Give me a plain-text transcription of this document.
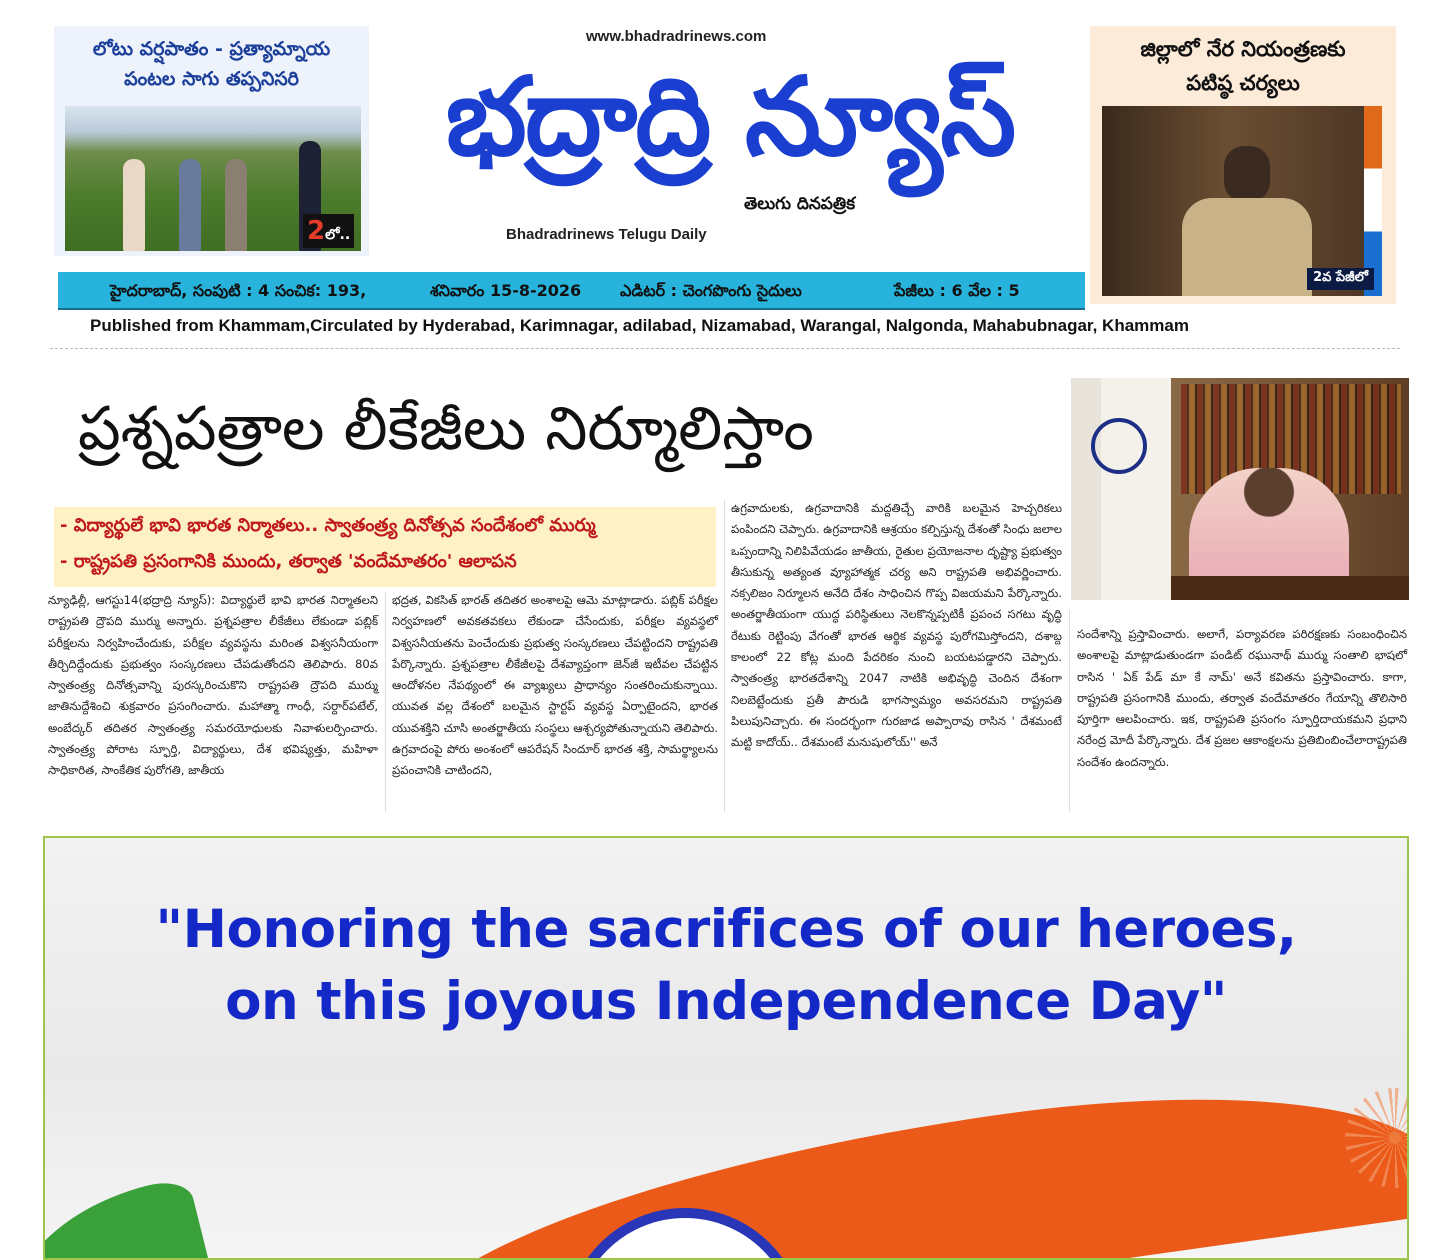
లోటు వర్షపాతం - ప్రత్యామ్నాయ
పంటల సాగు తప్పనిసరి
2లో..
www.bhadradrinews.com
భద్రాద్రి న్యూస్
తెలుగు దినపత్రిక
Bhadradrinews Telugu Daily
జిల్లాలో నేర నియంత్రణకు
పటిష్ఠ చర్యలు
2వ పేజీలో
హైదరాబాద్, సంపుటి : 4 సంచిక: 193,	శనివారం 15-8-2026 ఎడిటర్ : చెంగపొంగు సైదులు	పేజీలు : 6 వేల : 5
Published from Khammam,Circulated by Hyderabad, Karimnagar, adilabad, Nizamabad, Warangal, Nalgonda, Mahabubnagar, Khammam
ప్రశ్నపత్రాల లీకేజీలు నిర్మూలిస్తాం
- విద్యార్థులే భావి భారత నిర్మాతలు.. స్వాతంత్ర్య దినోత్సవ సందేశంలో ముర్ము
- రాష్ట్రపతి ప్రసంగానికి ముందు, తర్వాత 'వందేమాతరం' ఆలాపన

న్యూఢిల్లీ, ఆగస్టు14(భద్రాద్రి న్యూస్): విద్యార్థులే భావి భారత నిర్మాతలని రాష్ట్రపతి ద్రౌపది ముర్ము అన్నారు. ప్రశ్నపత్రాల లీకేజీలు లేకుండా పబ్లిక్ పరీక్షలను నిర్వహించేందుకు, పరీక్షల వ్యవస్థను మరింత విశ్వసనీయంగా తీర్చిదిద్దేందుకు ప్రభుత్వం సంస్కరణలు చేపడుతోందని తెలిపారు. 80వ స్వాతంత్ర్య దినోత్సవాన్ని పురస్కరించుకొని రాష్ట్రపతి ద్రౌపది ముర్ము జాతినుద్దేశించి శుక్రవారం ప్రసంగించారు. మహాత్మా గాంధీ, సర్దార్‌పటేల్, అంబేద్కర్ తదితర స్వాతంత్ర్య సమరయోధులకు నివాళులర్పించారు. స్వాతంత్ర్య పోరాట స్ఫూర్తి, విద్యార్థులు, దేశ భవిష్యత్తు, మహిళా సాధికారిత, సాంకేతిక పురోగతి, జాతీయ

భద్రత, వికసిత్ భారత్ తదితర అంశాలపై ఆమె మాట్లాడారు. పబ్లిక్ పరీక్షల నిర్వహణలో అవకతవకలు లేకుండా చేసేందుకు, పరీక్షల వ్యవస్థలో విశ్వసనీయతను పెంచేందుకు ప్రభుత్వ సంస్కరణలు చేపట్టిందని రాష్ట్రపతి పేర్కొన్నారు. ప్రశ్నపత్రాల లీకేజీలపై దేశవ్యాప్తంగా జెన్‌జీ ఇటీవల చేపట్టిన ఆందోళనల నేపథ్యంలో ఈ వ్యాఖ్యలు ప్రాధాన్యం సంతరించుకున్నాయి. యువత వల్ల దేశంలో బలమైన స్టార్టప్ వ్యవస్థ ఏర్పాటైందని, భారత యువశక్తిని చూసి అంతర్జాతీయ సంస్థలు ఆశ్చర్యపోతున్నాయని తెలిపారు. ఉగ్రవాదంపై పోరు అంశంలో ఆపరేషన్ సిందూర్ భారత శక్తి, సామర్థ్యాలను ప్రపంచానికి చాటిందని,

ఉగ్రవాదులకు, ఉగ్రవాదానికి మద్దతిచ్చే వారికి బలమైన హెచ్చరికలు పంపిందని చెప్పారు. ఉగ్రవాదానికి ఆశ్రయం కల్పిస్తున్న దేశంతో సింధు జలాల ఒప్పందాన్ని నిలిపివేయడం జాతీయ, రైతుల ప్రయోజనాల దృష్ట్యా ప్రభుత్వం తీసుకున్న అత్యంత వ్యూహాత్మక చర్య అని రాష్ట్రపతి అభివర్ణించారు. నక్సలిజం నిర్మూలన అనేది దేశం సాధించిన గొప్ప విజయమని పేర్కొన్నారు. అంతర్జాతీయంగా యుద్ధ పరిస్థితులు నెలకొన్నప్పటికీ ప్రపంచ సగటు వృద్ధి రేటుకు రెట్టింపు వేగంతో భారత ఆర్థిక వ్యవస్థ పురోగమిస్తోందని, దశాబ్ద కాలంలో 22 కోట్ల మంది పేదరికం నుంచి బయటపడ్డారని చెప్పారు. స్వాతంత్ర్య భారతదేశాన్ని 2047 నాటికి అభివృద్ధి చెందిన దేశంగా నిలబెట్టేందుకు ప్రతీ పౌరుడి భాగస్వామ్యం అవసరమని రాష్ట్రపతి పిలుపునిచ్చారు. ఈ సందర్భంగా గురజాడ అప్పారావు రాసిన ' దేశమంటే మట్టి కాదోయ్.. దేశమంటే మనుషులోయ్'' అనే

సందేశాన్ని ప్రస్తావించారు. అలాగే, పర్యావరణ పరిరక్షణకు సంబంధించిన అంశాలపై మాట్లాడుతుండగా పండిట్ రఘునాథ్ ముర్ము సంతాలి భాషలో రాసిన ' ఏక్ పేడ్ మా కే నామ్' అనే కవితను ప్రస్తావించారు. కాగా, రాష్ట్రపతి ప్రసంగానికి ముందు, తర్వాత వందేమాతరం గేయాన్ని తొలిసారి పూర్తిగా ఆలపించారు. ఇక, రాష్ట్రపతి ప్రసంగం స్ఫూర్తిదాయకమని ప్రధాని నరేంద్ర మోదీ పేర్కొన్నారు. దేశ ప్రజల ఆకాంక్షలను ప్రతిబింబించేలారాష్ట్రపతి సందేశం ఉందన్నారు.

"Honoring the sacrifices of our heroes,
on this joyous Independence Day"
